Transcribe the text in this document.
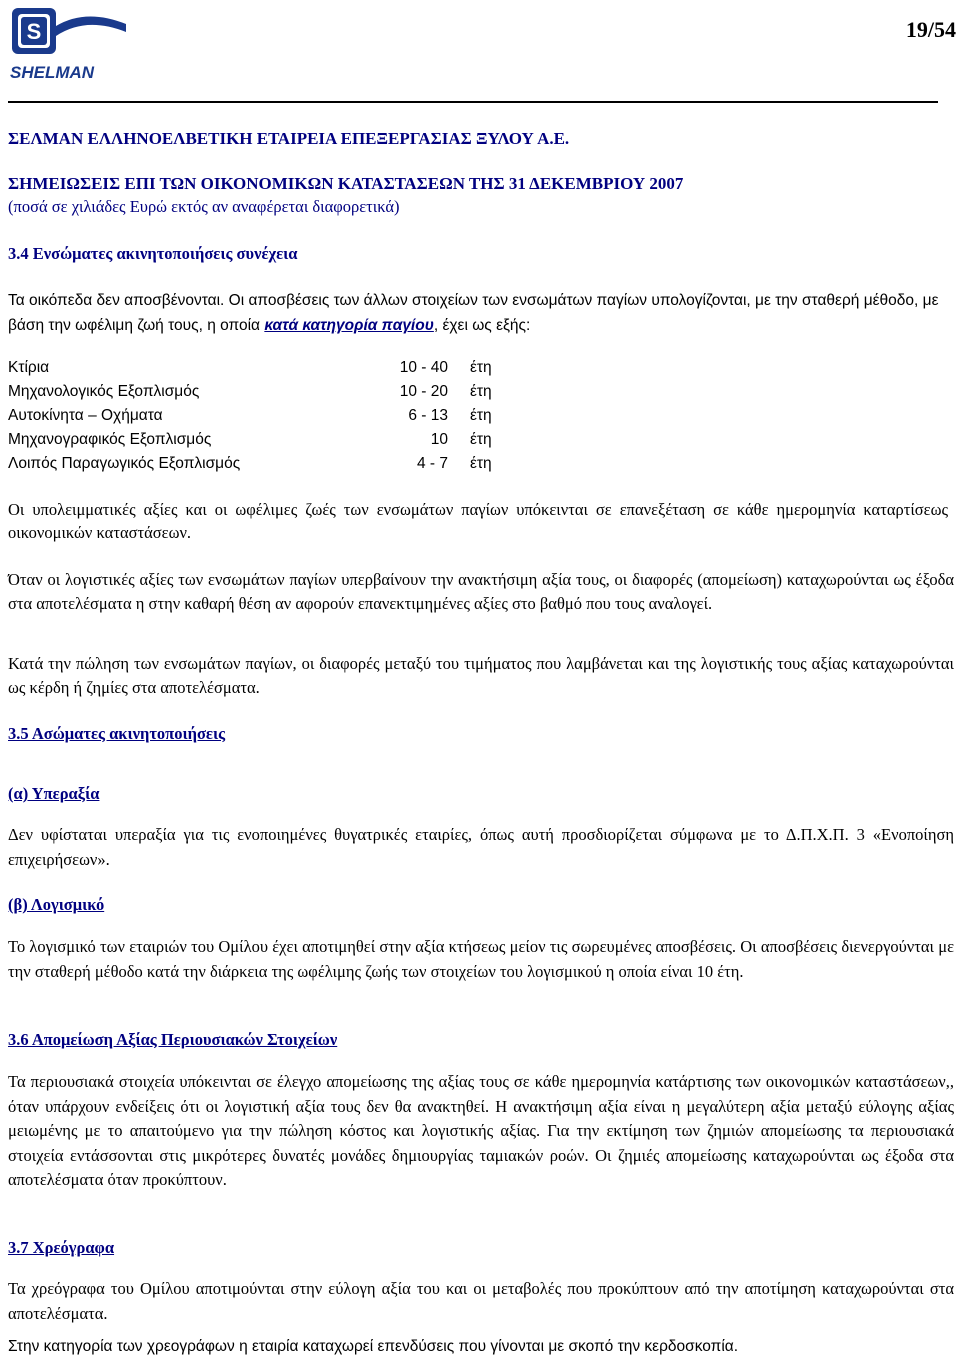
S
SHELMAN
19/54

ΣΕΛΜΑΝ ΕΛΛΗΝΟΕΛΒΕΤΙΚΗ ΕΤΑΙΡΕΙΑ ΕΠΕΞΕΡΓΑΣΙΑΣ ΞΥΛΟΥ Α.Ε.

ΣΗΜΕΙΩΣΕΙΣ ΕΠΙ ΤΩΝ ΟΙΚΟΝΟΜΙΚΩΝ ΚΑΤΑΣΤΑΣΕΩΝ ΤΗΣ 31 ΔΕΚΕΜΒΡΙΟΥ 2007

(ποσά σε χιλιάδες Ευρώ εκτός αν αναφέρεται διαφορετικά)

3.4 Ενσώματες ακινητοποιήσεις συνέχεια

Τα οικόπεδα δεν αποσβένονται. Οι αποσβέσεις των άλλων στοιχείων των ενσωμάτων παγίων υπολογίζονται, με την σταθερή μέθοδο, με βάση την ωφέλιμη ζωή τους, η οποία κατά κατηγορία παγίου, έχει ως εξής:

Κτίρια	10 - 40 έτη
Μηχανολογικός Εξοπλισμός	10 - 20 έτη
Αυτοκίνητα – Οχήματα	6 - 13 έτη
Μηχανογραφικός Εξοπλισμός	10 έτη
Λοιπός Παραγωγικός Εξοπλισμός	4 - 7 έτη

Οι υπολειμματικές αξίες και οι ωφέλιμες ζωές των ενσωμάτων παγίων υπόκεινται σε επανεξέταση σε κάθε ημερομηνία καταρτίσεως οικονομικών καταστάσεων.

Όταν οι λογιστικές αξίες των ενσωμάτων παγίων υπερβαίνουν την ανακτήσιμη αξία τους, οι διαφορές (απομείωση) καταχωρούνται ως έξοδα στα αποτελέσματα η στην καθαρή θέση αν αφορούν επανεκτιμημένες αξίες στο βαθμό που τους αναλογεί.

Κατά την πώληση των ενσωμάτων παγίων, οι διαφορές μεταξύ του τιμήματος που λαμβάνεται και της λογιστικής τους αξίας καταχωρούνται ως κέρδη ή ζημίες στα αποτελέσματα.

3.5 Ασώματες ακινητοποιήσεις

(α) Υπεραξία

Δεν υφίσταται υπεραξία για τις ενοποιημένες θυγατρικές εταιρίες, όπως αυτή προσδιορίζεται σύμφωνα με το Δ.Π.Χ.Π. 3 «Ενοποίηση επιχειρήσεων».

(β) Λογισμικό

Το λογισμικό των εταιριών του Ομίλου έχει αποτιμηθεί στην αξία κτήσεως μείον τις σωρευμένες αποσβέσεις. Οι αποσβέσεις διενεργούνται με την σταθερή μέθοδο κατά την διάρκεια της ωφέλιμης ζωής των στοιχείων του λογισμικού η οποία είναι 10 έτη.

3.6 Απομείωση Αξίας Περιουσιακών Στοιχείων

Τα περιουσιακά στοιχεία υπόκεινται σε έλεγχο απομείωσης της αξίας τους σε κάθε ημερομηνία κατάρτισης των οικονομικών καταστάσεων,, όταν υπάρχουν ενδείξεις ότι οι λογιστική αξία τους δεν θα ανακτηθεί. Η ανακτήσιμη αξία είναι η μεγαλύτερη αξία μεταξύ εύλογης αξίας μειωμένης με το απαιτούμενο για την πώληση κόστος και λογιστικής αξίας. Για την εκτίμηση των ζημιών απομείωσης τα περιουσιακά στοιχεία εντάσσονται στις μικρότερες δυνατές μονάδες δημιουργίας ταμιακών ροών. Οι ζημιές απομείωσης καταχωρούνται ως έξοδα στα αποτελέσματα όταν προκύπτουν.

3.7 Χρεόγραφα

Τα χρεόγραφα του Ομίλου αποτιμούνται στην εύλογη αξία του και οι μεταβολές που προκύπτουν από την αποτίμηση καταχωρούνται στα αποτελέσματα.

Στην κατηγορία των χρεογράφων η εταιρία καταχωρεί επενδύσεις που γίνονται με σκοπό την κερδοσκοπία.
